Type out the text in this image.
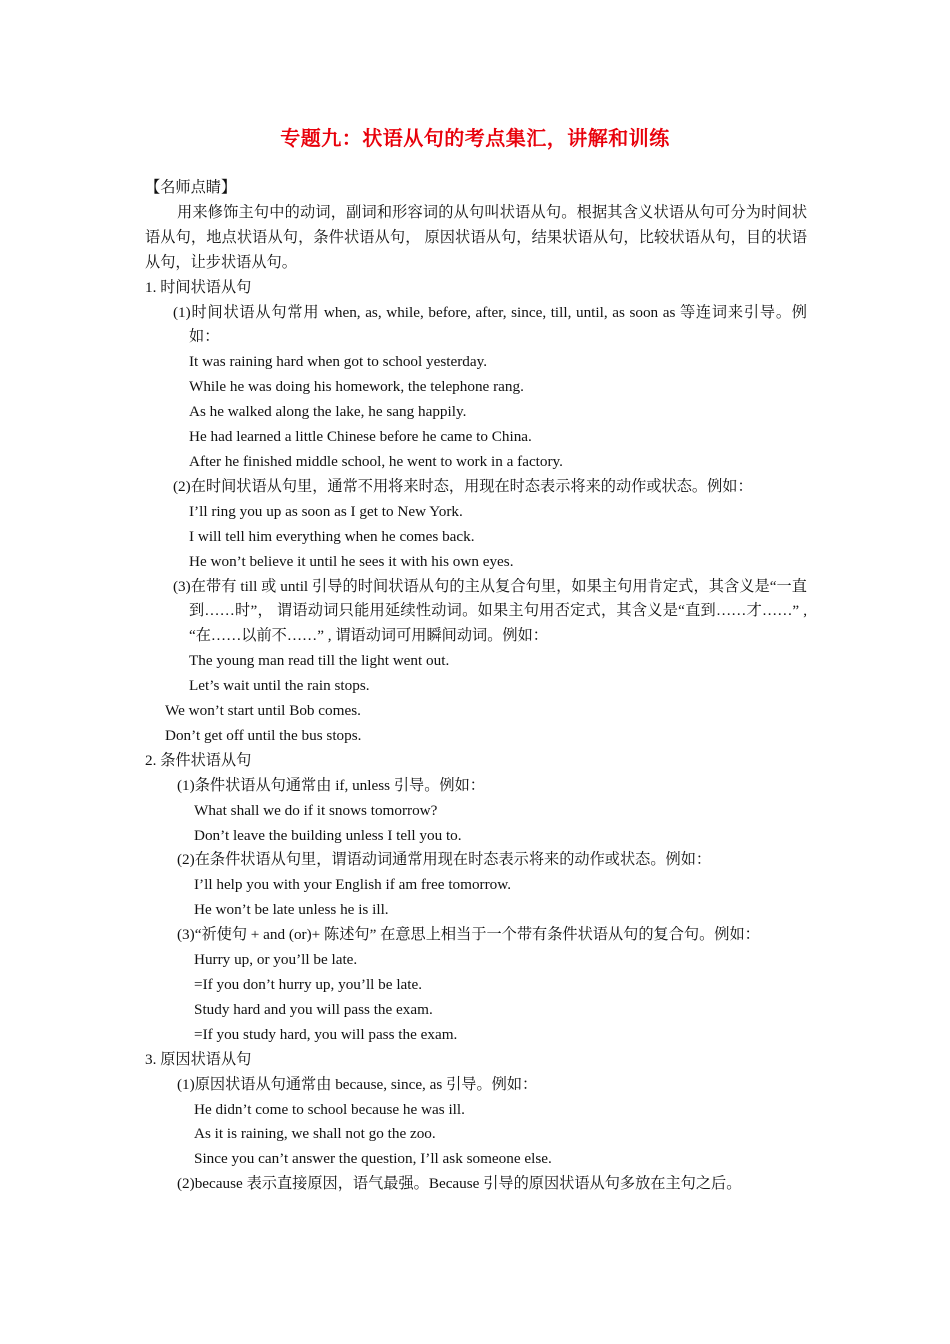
专题九：状语从句的考点集汇，讲解和训练

【名师点睛】

用来修饰主句中的动词，副词和形容词的从句叫状语从句。根据其含义状语从句可分为时间状语从句，地点状语从句，条件状语从句， 原因状语从句，结果状语从句，比较状语从句，目的状语从句，让步状语从句。

1. 时间状语从句

(1)时间状语从句常用 when, as, while, before, after, since, till, until, as soon as 等连词来引导。例如：

It was raining hard when got to school yesterday.

While he was doing his homework, the telephone rang.

As he walked along the lake, he sang happily.

He had learned a little Chinese before he came to China.

After he finished middle school, he went to work in a factory.

(2)在时间状语从句里，通常不用将来时态，用现在时态表示将来的动作或状态。例如：

I’ll ring you up as soon as I get to New York.

I will tell him everything when he comes back.

He won’t believe it until he sees it with his own eyes.

(3)在带有 till 或 until 引导的时间状语从句的主从复合句里，如果主句用肯定式，其含义是“一直到……时”， 谓语动词只能用延续性动词。如果主句用否定式，其含义是“直到……才……” , “在……以前不……” , 谓语动词可用瞬间动词。例如：

The young man read till the light went out.

Let’s wait until the rain stops.

We won’t start until Bob comes.

Don’t get off until the bus stops.

2. 条件状语从句

(1)条件状语从句通常由 if, unless 引导。例如：

What shall we do if it snows tomorrow?

Don’t leave the building unless I tell you to.

(2)在条件状语从句里，谓语动词通常用现在时态表示将来的动作或状态。例如：

I’ll help you with your English if am free tomorrow.

He won’t be late unless he is ill.

(3)“祈使句 + and (or)+ 陈述句” 在意思上相当于一个带有条件状语从句的复合句。例如：

Hurry up, or you’ll be late.

=If you don’t hurry up, you’ll be late.

Study hard and you will pass the exam.

=If you study hard, you will pass the exam.

3. 原因状语从句

(1)原因状语从句通常由 because, since, as 引导。例如：

He didn’t come to school because he was ill.

As it is raining, we shall not go the zoo.

Since you can’t answer the question, I’ll ask someone else.

(2)because 表示直接原因，语气最强。Because 引导的原因状语从句多放在主句之后。
